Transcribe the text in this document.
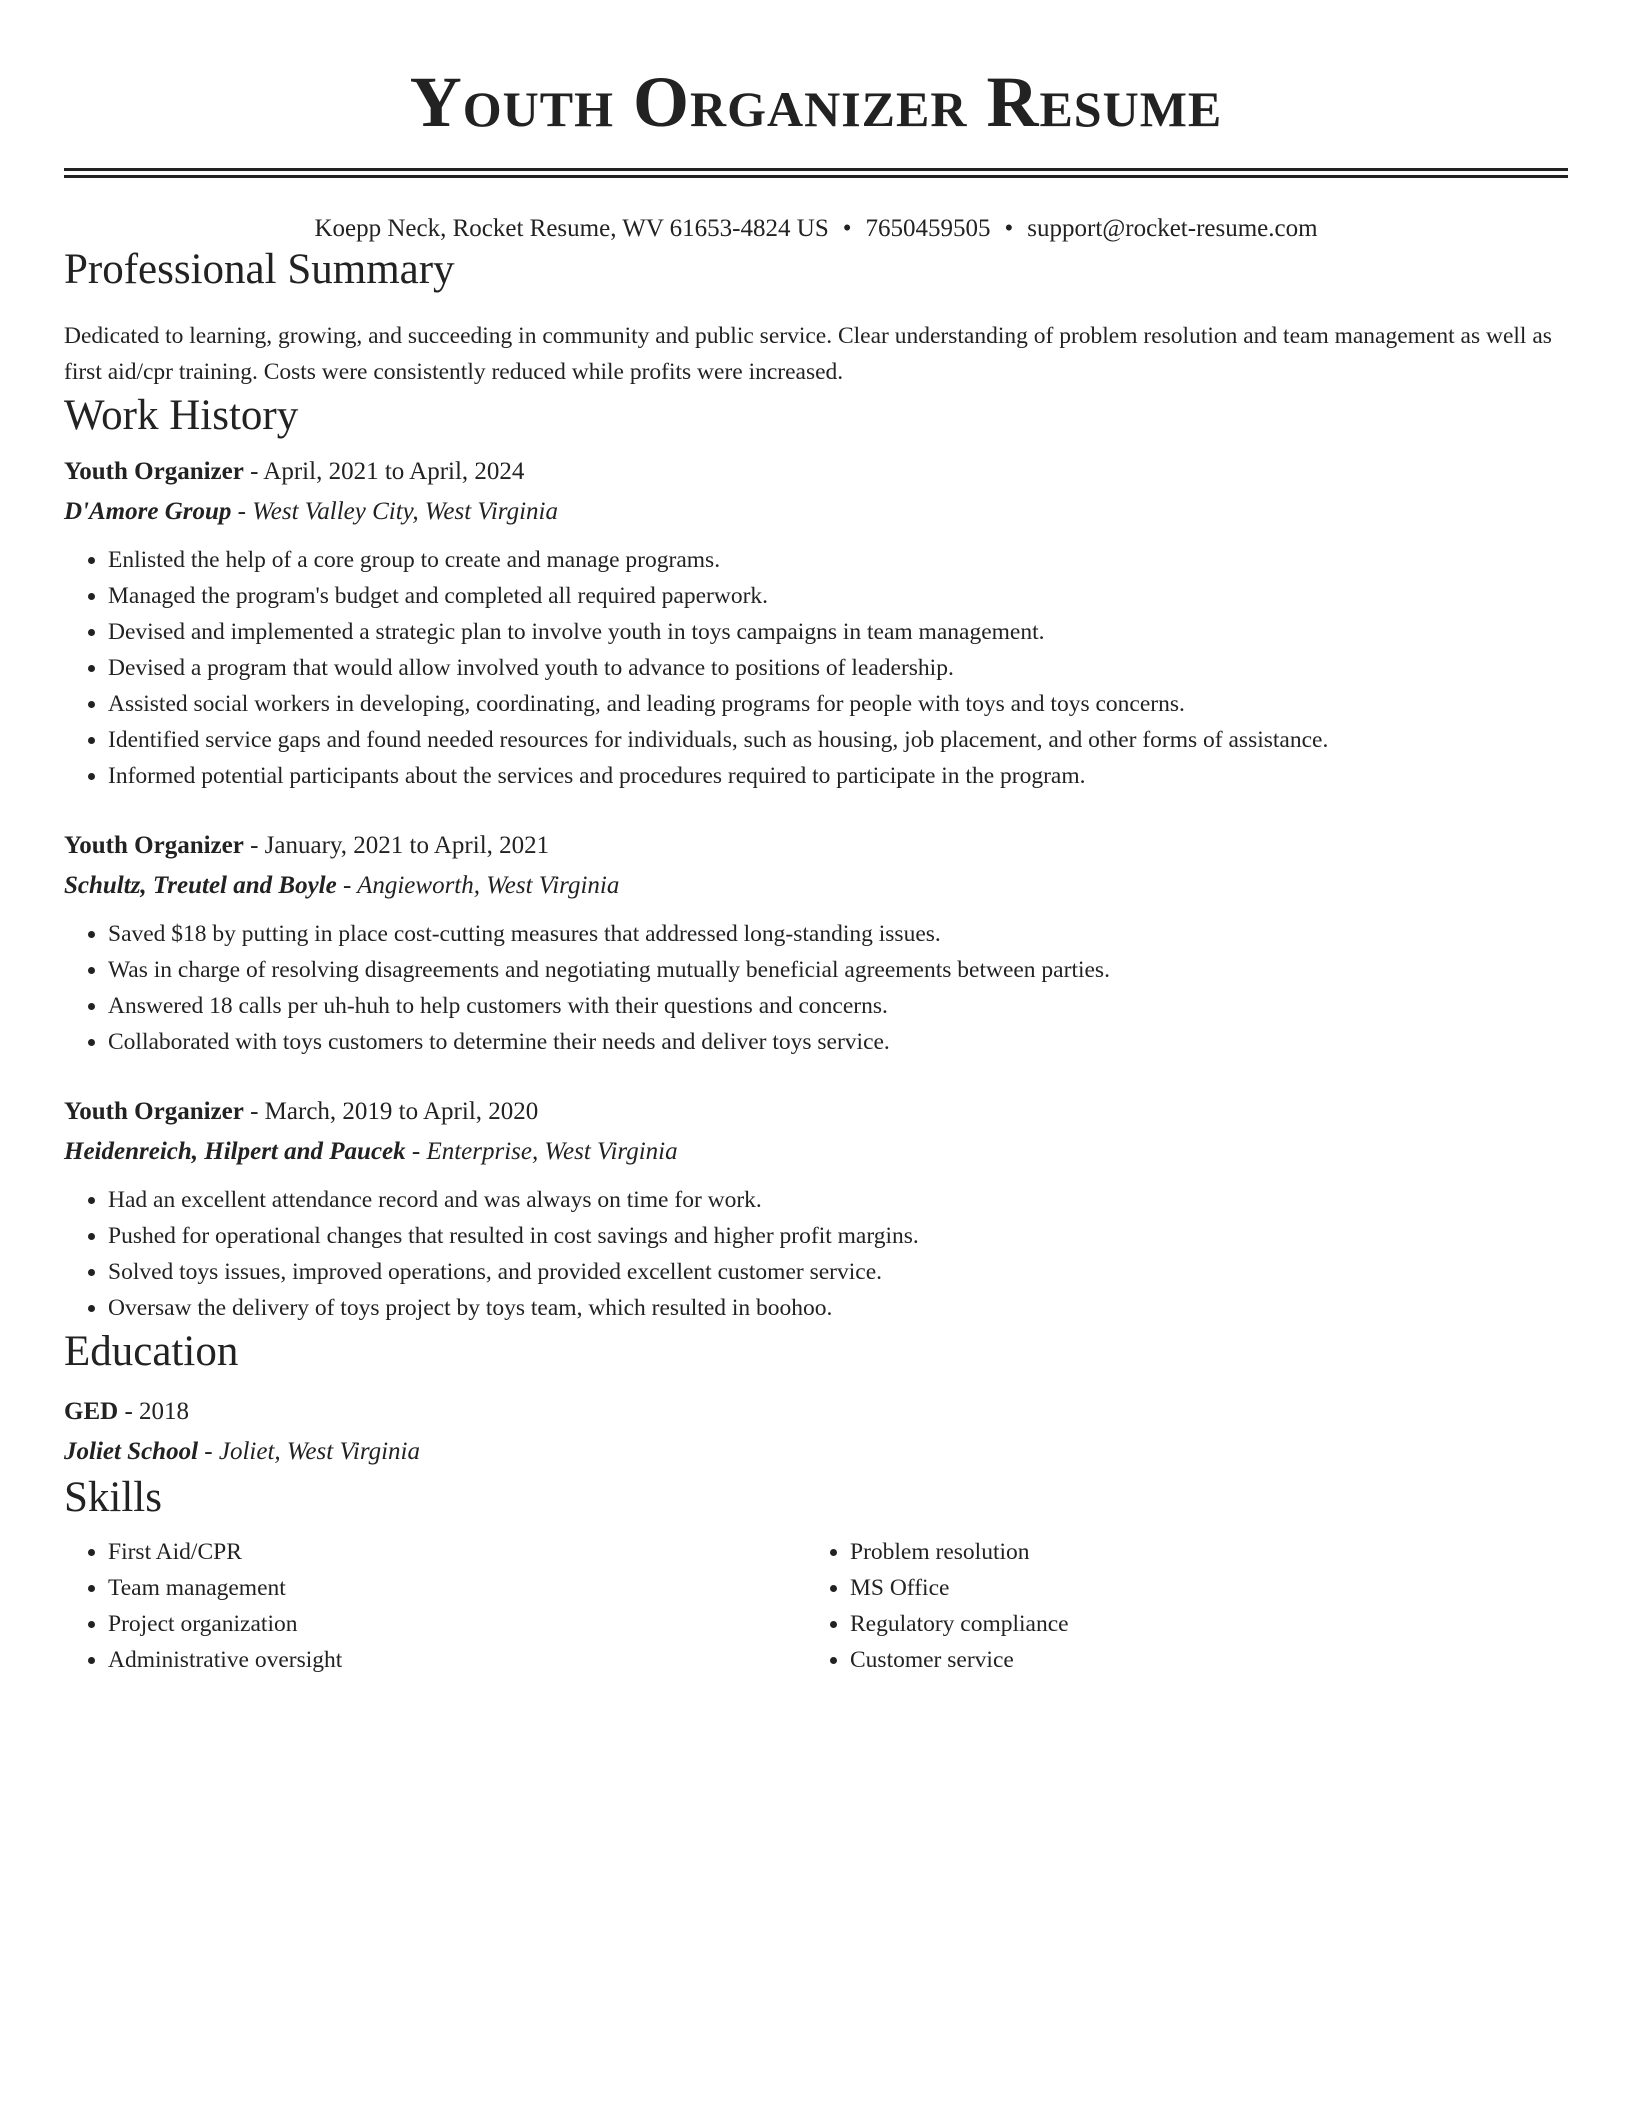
Youth Organizer Resume
Koepp Neck, Rocket Resume, WV 61653-4824 US • 7650459505 • support@rocket-resume.com
Professional Summary

Dedicated to learning, growing, and succeeding in community and public service. Clear understanding of problem resolution and team management as well as first aid/cpr training. Costs were consistently reduced while profits were increased.

Work History
Youth Organizer - April, 2021 to April, 2024
D'Amore Group - West Valley City, West Virginia
• Enlisted the help of a core group to create and manage programs.
• Managed the program's budget and completed all required paperwork.
• Devised and implemented a strategic plan to involve youth in toys campaigns in team management.
• Devised a program that would allow involved youth to advance to positions of leadership.
• Assisted social workers in developing, coordinating, and leading programs for people with toys and toys concerns.
• Identified service gaps and found needed resources for individuals, such as housing, job placement, and other forms of assistance.
• Informed potential participants about the services and procedures required to participate in the program.
Youth Organizer - January, 2021 to April, 2021
Schultz, Treutel and Boyle - Angieworth, West Virginia
• Saved $18 by putting in place cost-cutting measures that addressed long-standing issues.
• Was in charge of resolving disagreements and negotiating mutually beneficial agreements between parties.
• Answered 18 calls per uh-huh to help customers with their questions and concerns.
• Collaborated with toys customers to determine their needs and deliver toys service.
Youth Organizer - March, 2019 to April, 2020
Heidenreich, Hilpert and Paucek - Enterprise, West Virginia
• Had an excellent attendance record and was always on time for work.
• Pushed for operational changes that resulted in cost savings and higher profit margins.
• Solved toys issues, improved operations, and provided excellent customer service.
• Oversaw the delivery of toys project by toys team, which resulted in boohoo.
Education
GED - 2018
Joliet School - Joliet, West Virginia
Skills
• First Aid/CPR
• Team management
• Project organization
• Administrative oversight
• Problem resolution
• MS Office
• Regulatory compliance
• Customer service
